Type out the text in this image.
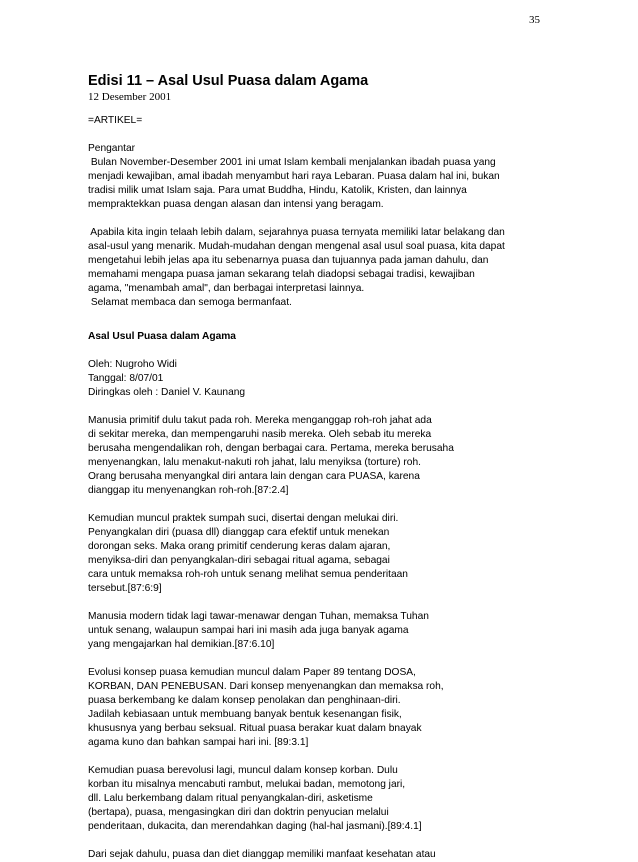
35
Edisi 11 – Asal Usul Puasa dalam Agama
12 Desember 2001
=ARTIKEL=
Pengantar
Bulan November-Desember 2001 ini umat Islam kembali menjalankan ibadah puasa yang
menjadi kewajiban, amal ibadah menyambut hari raya Lebaran. Puasa dalam hal ini, bukan
tradisi milik umat Islam saja. Para umat Buddha, Hindu, Katolik, Kristen, dan lainnya
mempraktekkan puasa dengan alasan dan intensi yang beragam.
Apabila kita ingin telaah lebih dalam, sejarahnya puasa ternyata memiliki latar belakang dan
asal-usul yang menarik. Mudah-mudahan dengan mengenal asal usul soal puasa, kita dapat
mengetahui lebih jelas apa itu sebenarnya puasa dan tujuannya pada jaman dahulu, dan
memahami mengapa puasa jaman sekarang telah diadopsi sebagai tradisi, kewajiban
agama, "menambah amal", dan berbagai interpretasi lainnya.
Selamat membaca dan semoga bermanfaat.
Asal Usul Puasa dalam Agama
Oleh: Nugroho Widi
Tanggal: 8/07/01
Diringkas oleh : Daniel V. Kaunang
Manusia primitif dulu takut pada roh. Mereka menganggap roh-roh jahat ada
di sekitar mereka, dan mempengaruhi nasib mereka. Oleh sebab itu mereka
berusaha mengendalikan roh, dengan berbagai cara. Pertama, mereka berusaha
menyenangkan, lalu menakut-nakuti roh jahat, lalu menyiksa (torture) roh.
Orang berusaha menyangkal diri antara lain dengan cara PUASA, karena
dianggap itu menyenangkan roh-roh.[87:2.4]
Kemudian muncul praktek sumpah suci, disertai dengan melukai diri.
Penyangkalan diri (puasa dll) dianggap cara efektif untuk menekan
dorongan seks. Maka orang primitif cenderung keras dalam ajaran,
menyiksa-diri dan penyangkalan-diri sebagai ritual agama, sebagai
cara untuk memaksa roh-roh untuk senang melihat semua penderitaan
tersebut.[87:6:9]
Manusia modern tidak lagi tawar-menawar dengan Tuhan, memaksa Tuhan
untuk senang, walaupun sampai hari ini masih ada juga banyak agama
yang mengajarkan hal demikian.[87:6.10]
Evolusi konsep puasa kemudian muncul dalam Paper 89 tentang DOSA,
KORBAN, DAN PENEBUSAN. Dari konsep menyenangkan dan memaksa roh,
puasa berkembang ke dalam konsep penolakan dan penghinaan-diri.
Jadilah kebiasaan untuk membuang banyak bentuk kesenangan fisik,
khususnya yang berbau seksual. Ritual puasa berakar kuat dalam bnayak
agama kuno dan bahkan sampai hari ini. [89:3.1]
Kemudian puasa berevolusi lagi, muncul dalam konsep korban. Dulu
korban itu misalnya mencabuti rambut, melukai badan, memotong jari,
dll. Lalu berkembang dalam ritual penyangkalan-diri, asketisme
(bertapa), puasa, mengasingkan diri dan doktrin penyucian melalui
penderitaan, dukacita, dan merendahkan daging (hal-hal jasmani).[89:4.1]
Dari sejak dahulu, puasa dan diet dianggap memiliki manfaat kesehatan atau
